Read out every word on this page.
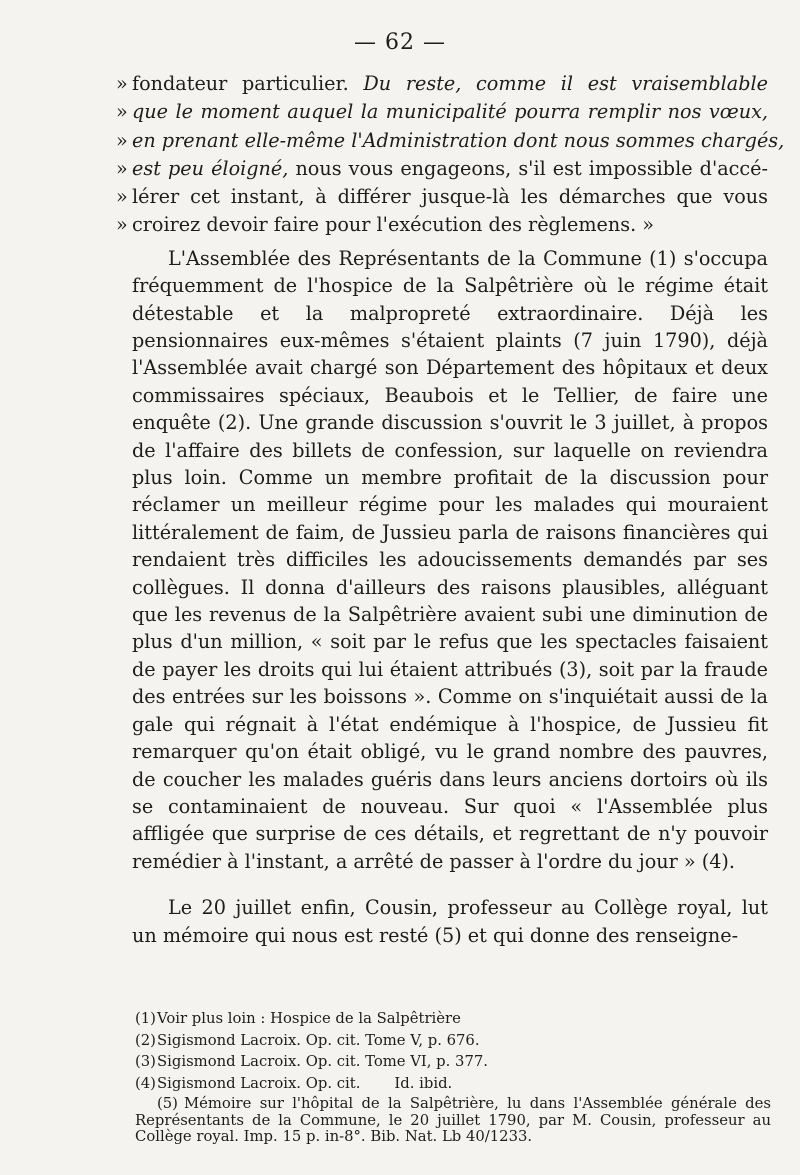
— 62 —
» fondateur particulier. Du reste, comme il est vraisemblable
» que le moment auquel la municipalité pourra remplir nos vœux,
» en prenant elle-même l'Administration dont nous sommes chargés,
» est peu éloigné, nous vous engageons, s'il est impossible d'accé-
» lérer cet instant, à différer jusque-là les démarches que vous
» croirez devoir faire pour l'exécution des règlemens. »

L'Assemblée des Représentants de la Commune (1) s'occupa fréquemment de l'hospice de la Salpêtrière où le régime était détestable et la malpropreté extraordinaire. Déjà les pensionnaires eux-mêmes s'étaient plaints (7 juin 1790), déjà l'Assemblée avait chargé son Département des hôpitaux et deux commissaires spéciaux, Beaubois et le Tellier, de faire une enquête (2). Une grande discussion s'ouvrit le 3 juillet, à propos de l'affaire des billets de confession, sur laquelle on reviendra plus loin. Comme un membre profitait de la discussion pour réclamer un meilleur régime pour les malades qui mouraient littéralement de faim, de Jussieu parla de raisons financières qui rendaient très difficiles les adoucissements demandés par ses collègues. Il donna d'ailleurs des raisons plausibles, alléguant que les revenus de la Salpêtrière avaient subi une diminution de plus d'un million, « soit par le refus que les spectacles faisaient de payer les droits qui lui étaient attribués (3), soit par la fraude des entrées sur les boissons ». Comme on s'inquiétait aussi de la gale qui régnait à l'état endémique à l'hospice, de Jussieu fit remarquer qu'on était obligé, vu le grand nombre des pauvres, de coucher les malades guéris dans leurs anciens dortoirs où ils se contaminaient de nouveau. Sur quoi « l'Assemblée plus affligée que surprise de ces détails, et regrettant de n'y pouvoir remédier à l'instant, a arrêté de passer à l'ordre du jour » (4).

Le 20 juillet enfin, Cousin, professeur au Collège royal, lut un mémoire qui nous est resté (5) et qui donne des renseigne-

(1) Voir plus loin : Hospice de la Salpêtrière
(2) Sigismond Lacroix. Op. cit. Tome V, p. 676.
(3) Sigismond Lacroix. Op. cit. Tome VI, p. 377.
(4) Sigismond Lacroix. Op. cit. Id. ibid.
(5) Mémoire sur l'hôpital de la Salpêtrière, lu dans l'Assemblée générale des Représentants de la Commune, le 20 juillet 1790, par M. Cousin, professeur au Collège royal. Imp. 15 p. in-8°. Bib. Nat. Lb 40/1233.
